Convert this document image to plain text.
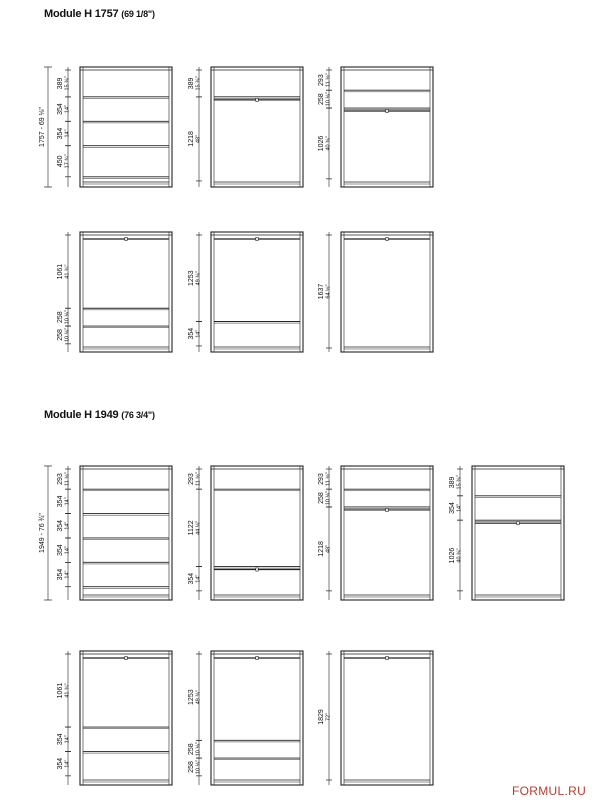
Module H 1757 (69 1/8")
Module H 1949 (76 3/4")
389 15 ⅜"
354 14"
354 14"
450 17 ¾"
1757 - 69 ⅛"
389 15 ⅜"
1218 48"
293 11 ½"
258 10 ⅛"
1026 40 ⅜"
1061 41 ¾"
258 10 ⅛"
258 10 ⅛"
1253 49 ⅜"
354 14"
1637 64 ½"
293 11 ½"
354 14"
354 14"
354 14"
354 14"
1949 - 76 ¾"
293 11 ½"
1122 44 ⅛"
354 14"
293 11 ½"
258 10 ⅛"
1218 48"
389 15 ⅜"
354 14"
1026 40 ⅜"
1061 41 ¾"
354 14"
354 14"
1253 49 ⅜"
258 10 ⅛"
258 10 ⅛"
1829 72"
FORMUL.RU
